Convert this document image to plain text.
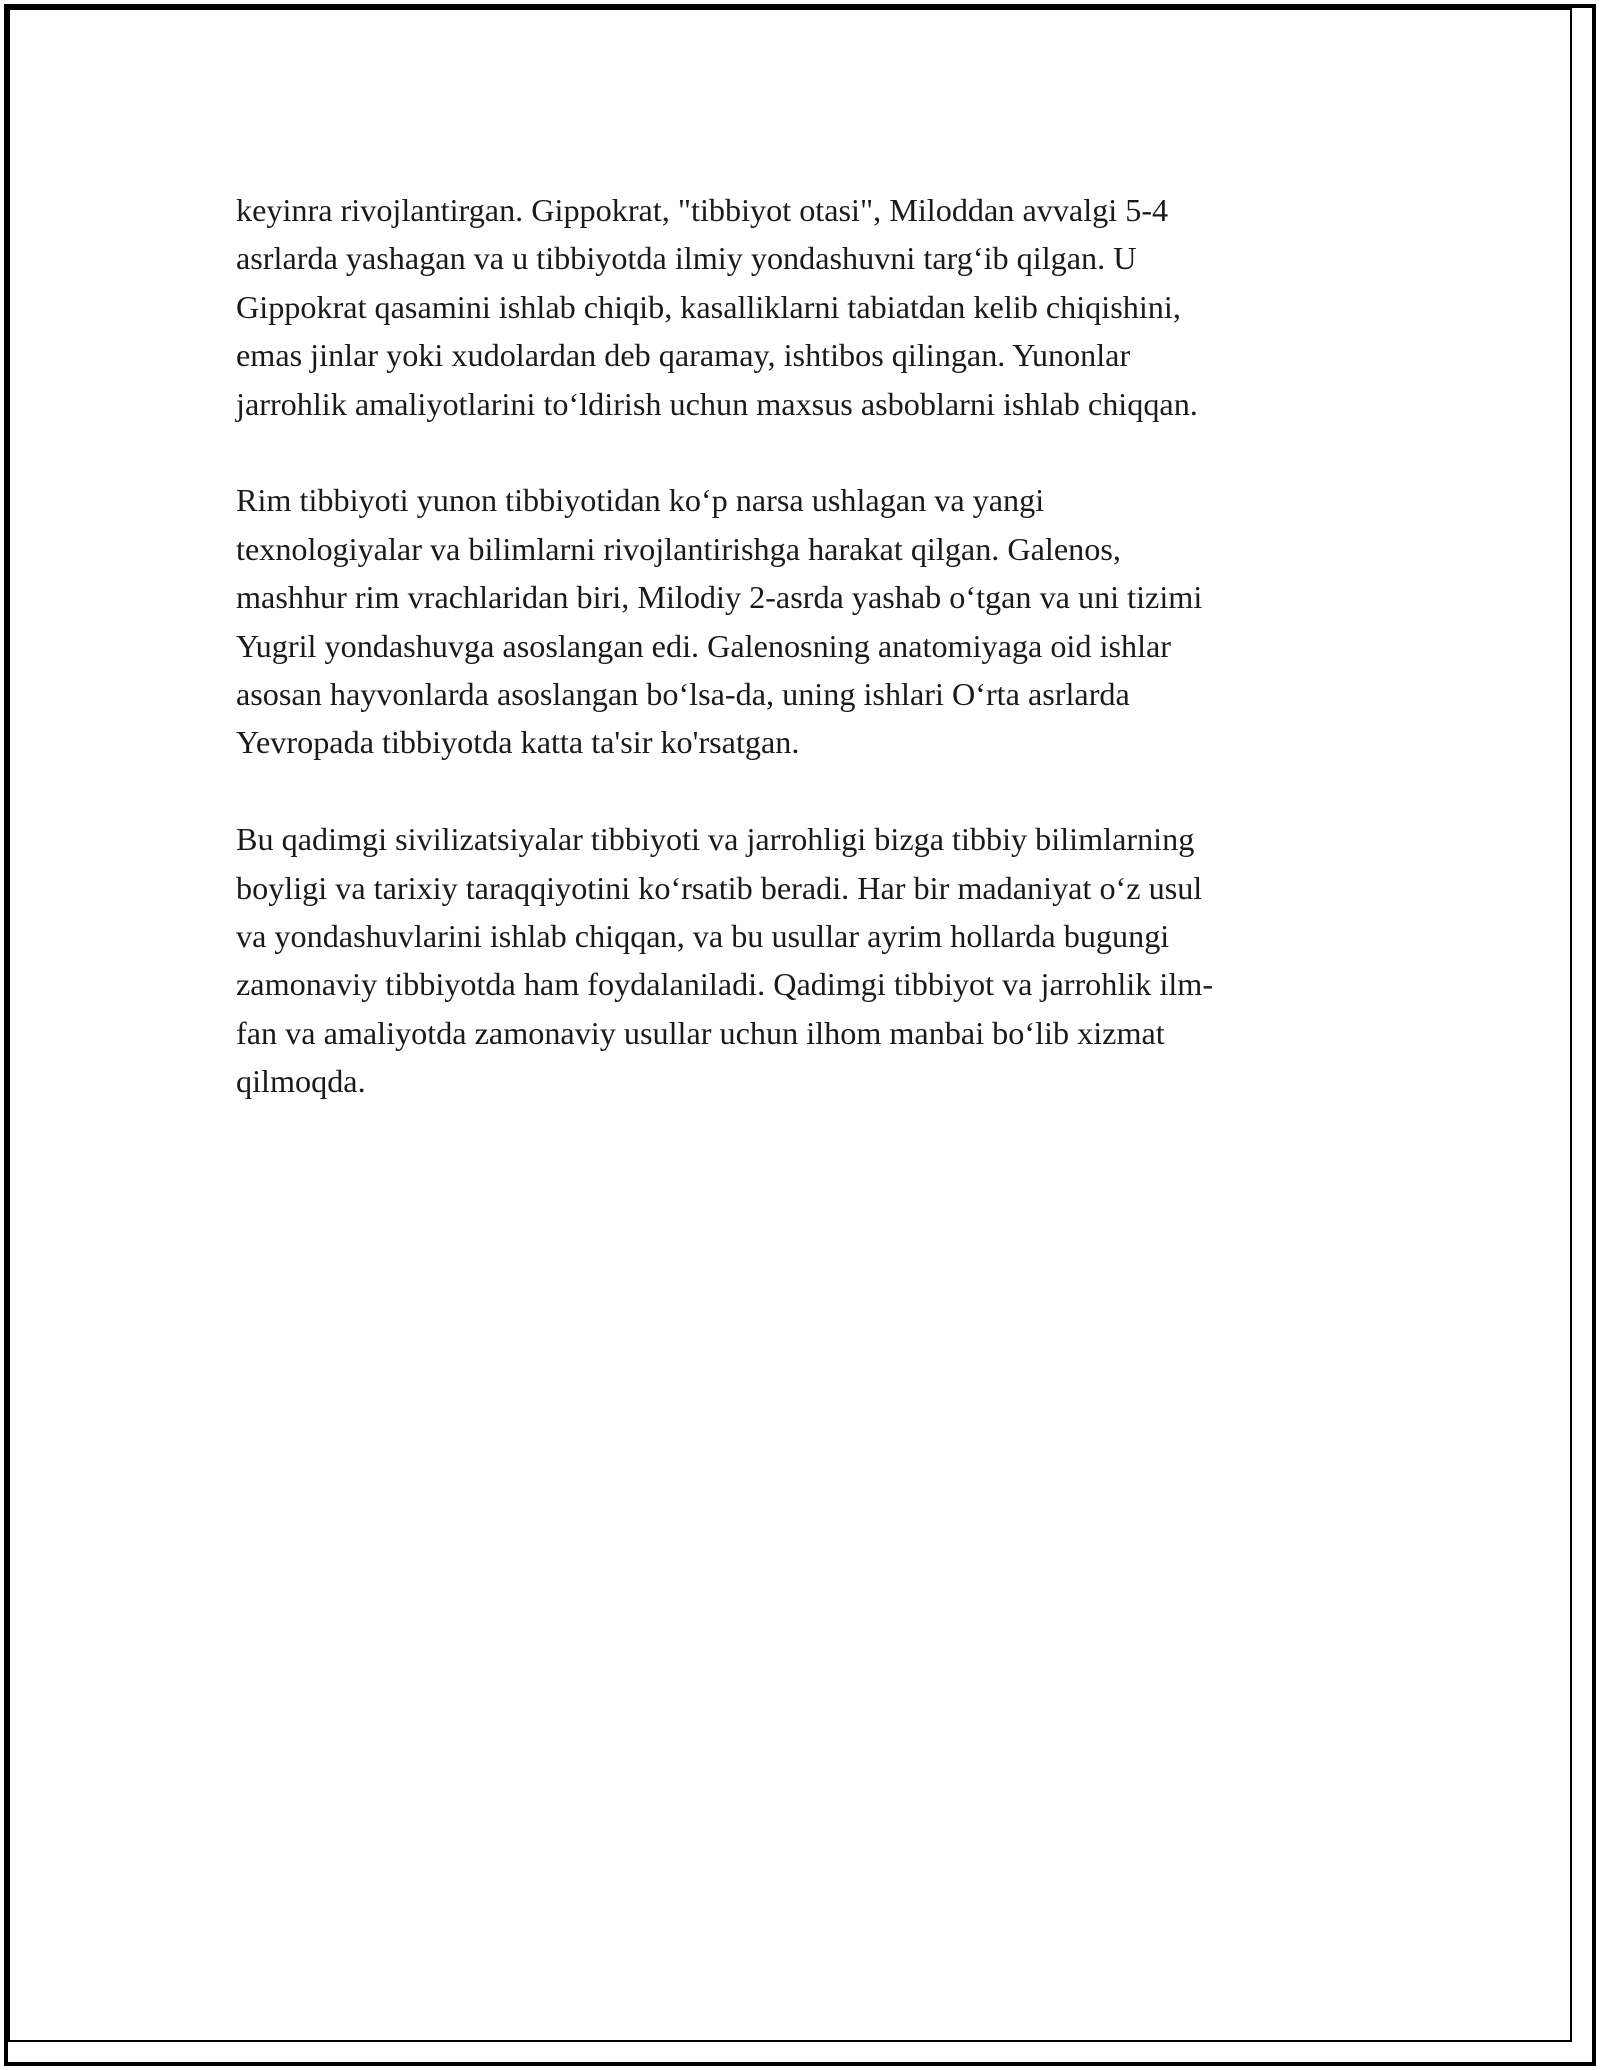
keyinra rivojlantirgan. Gippokrat, "tibbiyot otasi", Miloddan avvalgi 5-4
asrlarda yashagan va u tibbiyotda ilmiy yondashuvni targ‘ib qilgan. U
Gippokrat qasamini ishlab chiqib, kasalliklarni tabiatdan kelib chiqishini,
emas jinlar yoki xudolardan deb qaramay, ishtibos qilingan. Yunonlar
jarrohlik amaliyotlarini to‘ldirish uchun maxsus asboblarni ishlab chiqqan.

Rim tibbiyoti yunon tibbiyotidan ko‘p narsa ushlagan va yangi
texnologiyalar va bilimlarni rivojlantirishga harakat qilgan. Galenos,
mashhur rim vrachlaridan biri, Milodiy 2-asrda yashab o‘tgan va uni tizimi
Yugril yondashuvga asoslangan edi. Galenosning anatomiyaga oid ishlar
asosan hayvonlarda asoslangan bo‘lsa-da, uning ishlari O‘rta asrlarda
Yevropada tibbiyotda katta ta'sir ko'rsatgan.

Bu qadimgi sivilizatsiyalar tibbiyoti va jarrohligi bizga tibbiy bilimlarning
boyligi va tarixiy taraqqiyotini ko‘rsatib beradi. Har bir madaniyat o‘z usul
va yondashuvlarini ishlab chiqqan, va bu usullar ayrim hollarda bugungi
zamonaviy tibbiyotda ham foydalaniladi. Qadimgi tibbiyot va jarrohlik ilm-
fan va amaliyotda zamonaviy usullar uchun ilhom manbai bo‘lib xizmat
qilmoqda.
